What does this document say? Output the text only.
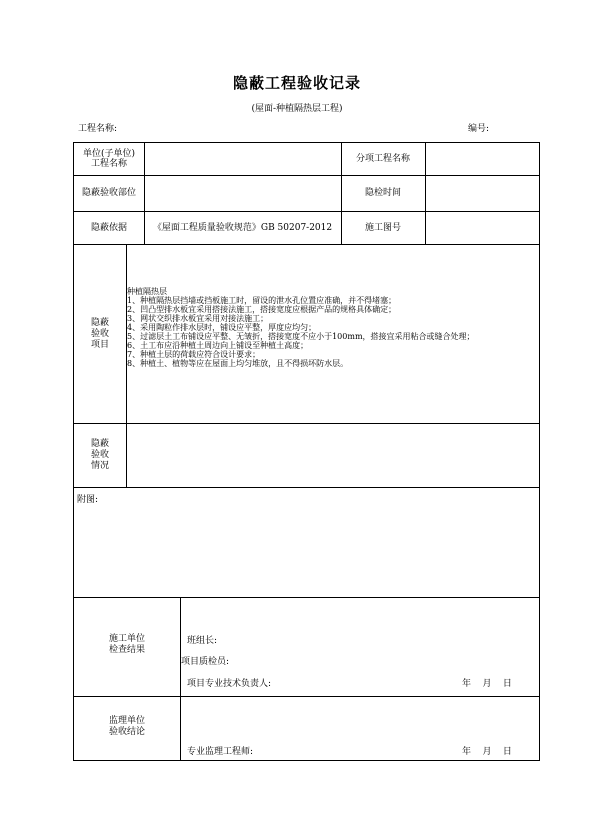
隐蔽工程验收记录
(屋面-种植隔热层工程)
工程名称:	编号:
单位(子单位)
工程名称	分项工程名称
隐蔽验收部位	隐检时间
隐蔽依据	《屋面工程质量验收规范》GB 50207-2012	施工图号
隐蔽
验收
项目
种植隔热层
1、种植隔热层挡墙或挡板施工时，留设的泄水孔位置应准确，并不得堵塞；
2、凹凸型排水板宜采用搭接法施工，搭接宽度应根据产品的规格具体确定；
3、网状交织排水板宜采用对接法施工；
4、采用陶粒作排水层时，铺设应平整，厚度应均匀；
5、过滤层土工布铺设应平整、无皱折，搭接宽度不应小于100mm，搭接宜采用粘合或缝合处理；
6、土工布应沿种植土周边向上铺设至种植土高度；
7、种植土层的荷载应符合设计要求；
8、种植土、植物等应在屋面上均匀堆放，且不得损坏防水层。
隐蔽
验收
情况
附图:
施工单位
检查结果
班组长:
项目质检员:
项目专业技术负责人:	年    月    日
监理单位
验收结论
专业监理工程师:	年    月    日
